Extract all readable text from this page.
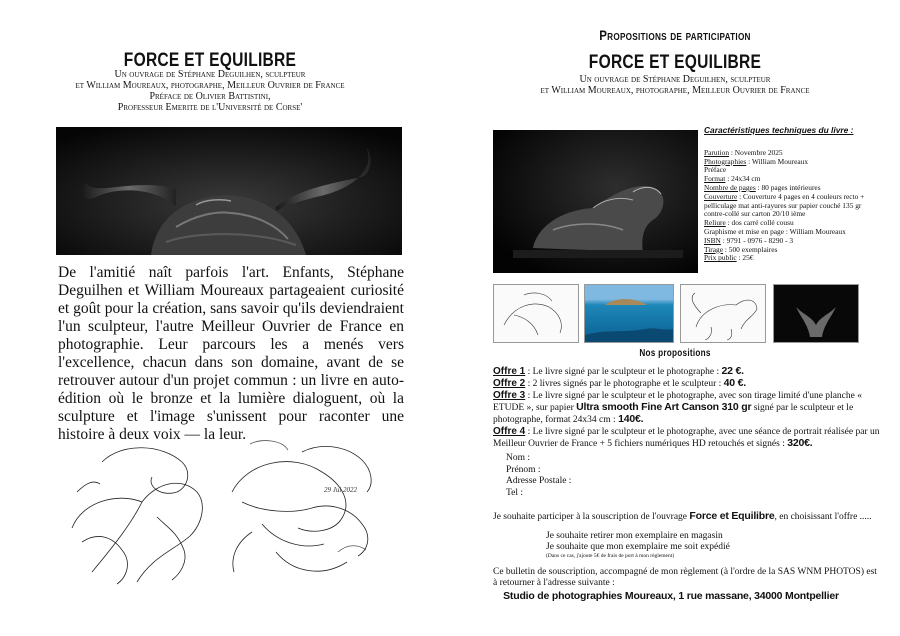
FORCE ET EQUILIBRE
Un ouvrage de Stéphane Deguilhen, sculpteur
et William Moureaux, photographe, Meilleur Ouvrier de France
Préface de Olivier Battistini,
Professeur Emerite de l'Université de Corse'
De l'amitié naît parfois l'art. Enfants, Stéphane Deguilhen et William Moureaux partageaient curiosité et goût pour la création, sans savoir qu'ils deviendraient l'un sculpteur, l'autre Meilleur Ouvrier de France en photographie. Leur parcours les a menés vers l'excellence, chacun dans son domaine, avant de se retrouver autour d'un projet commun : un livre en auto-édition où le bronze et la lumière dialoguent, où la sculpture et l'image s'unissent pour raconter une histoire à deux voix — la leur.
29 Jui 2022
Propositions de participation
FORCE ET EQUILIBRE
Un ouvrage de Stéphane Deguilhen, sculpteur
et William Moureaux, photographe, Meilleur Ouvrier de France
Caractéristiques techniques du livre :
Parution : Novembre 2025
Photographies : William Moureaux
Préface
Format : 24x34 cm
Nombre de pages : 80 pages intérieures
Couverture : Couverture 4 pages en 4 couleurs recto + pelliculage mat anti-rayures sur papier couché 135 gr contre-collé sur carton 20/10 ième
Reliure : dos carré collé cousu
Graphisme et mise en page : William Moureaux
ISBN : 9791 - 0976 - 8290 - 3
Tirage : 500 exemplaires
Prix public : 25€
Nos propositions
Offre 1 : Le livre signé par le sculpteur et le photographe : 22 €.
Offre 2 : 2 livres signés par le photographe et le sculpteur : 40 €.
Offre 3 : Le livre signé par le sculpteur et le photographe, avec son tirage limité d'une planche « ETUDE », sur papier Ultra smooth Fine Art Canson 310 gr signé par le sculpteur et le photographe, format 24x34 cm : 140€.
Offre 4 : Le livre signé par le sculpteur et le photographe, avec une séance de portrait réalisée par un Meilleur Ouvrier de France + 5 fichiers numériques HD retouchés et signés : 320€.
Nom :
Prénom :
Adresse Postale :
Tel :
Je souhaite participer à la souscription de l'ouvrage Force et Equilibre, en choisissant l'offre .....
Je souhaite retirer mon exemplaire en magasin
Je souhaite que mon exemplaire me soit expédié
(Dans ce cas, j'ajoute 5€ de frais de port à mon règlement)
Ce bulletin de souscription, accompagné de mon règlement (à l'ordre de la SAS WNM PHOTOS) est à retourner à l'adresse suivante :
Studio de photographies Moureaux, 1 rue massane, 34000 Montpellier
